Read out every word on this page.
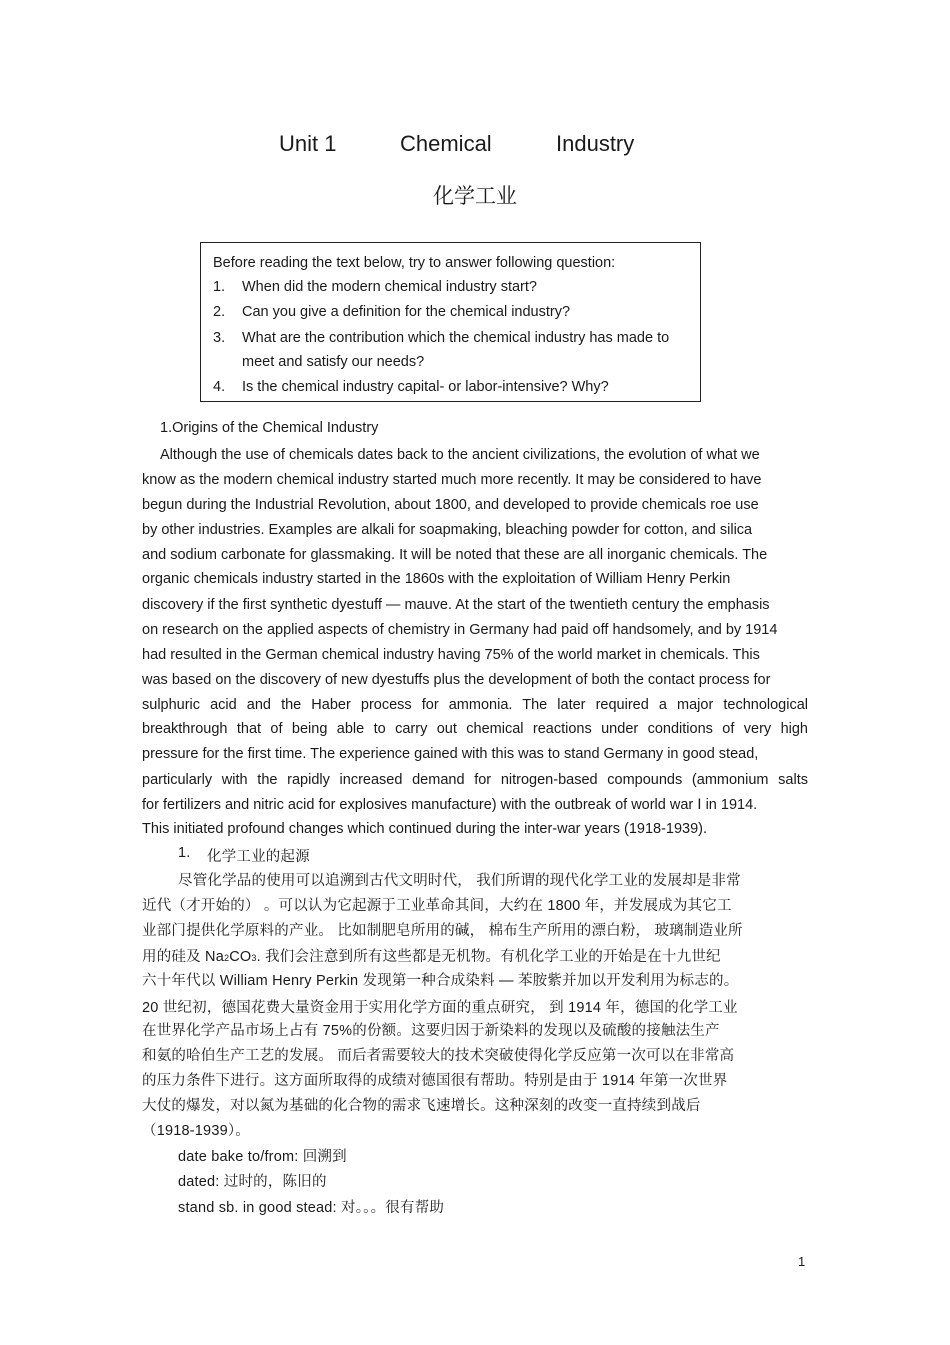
Unit 1	Chemical	Industry
化学工业
Before reading the text below, try to answer following question:
1. When did the modern chemical industry start?
2. Can you give a definition for the chemical industry?
3. What are the contribution which the chemical industry has made to
meet and satisfy our needs?
4. Is the chemical industry capital- or labor-intensive? Why?
1.Origins of the Chemical Industry
Although the use of chemicals dates back to the ancient civilizations, the evolution of what we
know as the modern chemical industry started much more recently. It may be considered to have
begun during the Industrial Revolution, about 1800, and developed to provide chemicals roe use
by other industries. Examples are alkali for soapmaking, bleaching powder for cotton, and silica
and sodium carbonate for glassmaking. It will be noted that these are all inorganic chemicals. The
organic chemicals industry started in the 1860s with the exploitation of William Henry Perkin
discovery if the first synthetic dyestuff — mauve. At the start of the twentieth century the emphasis
on research on the applied aspects of chemistry in Germany had paid off handsomely, and by 1914
had resulted in the German chemical industry having 75% of the world market in chemicals. This
was based on the discovery of new dyestuffs plus the development of both the contact process for
sulphuric acid and the Haber process for ammonia. The later required a major technological
breakthrough that of being able to carry out chemical reactions under conditions of very high
pressure for the first time. The experience gained with this was to stand Germany in good stead,
particularly with the rapidly increased demand for nitrogen-based compounds (ammonium salts
for fertilizers and nitric acid for explosives manufacture) with the outbreak of world war Ⅰ in 1914.
This initiated profound changes which continued during the inter-war years (1918-1939).
1. 化学工业的起源
尽管化学品的使用可以追溯到古代文明时代， 我们所谓的现代化学工业的发展却是非常
近代（才开始的） 。可以认为它起源于工业革命其间，大约在 1800 年，并发展成为其它工
业部门提供化学原料的产业。 比如制肥皂所用的碱， 棉布生产所用的漂白粉， 玻璃制造业所
用的硅及 Na2CO3. 我们会注意到所有这些都是无机物。有机化学工业的开始是在十九世纪
六十年代以 William Henry Perkin 发现第一种合成染料 — 苯胺紫并加以开发利用为标志的。
20 世纪初，德国花费大量资金用于实用化学方面的重点研究， 到 1914 年，德国的化学工业
在世界化学产品市场上占有 75%的份额。这要归因于新染料的发现以及硫酸的接触法生产
和氨的哈伯生产工艺的发展。 而后者需要较大的技术突破使得化学反应第一次可以在非常高
的压力条件下进行。这方面所取得的成绩对德国很有帮助。特别是由于 1914 年第一次世界
大仗的爆发，对以氮为基础的化合物的需求飞速增长。这种深刻的改变一直持续到战后
（1918-1939）。
date bake to/from: 回溯到
dated: 过时的，陈旧的
stand sb. in good stead: 对。。。很有帮助
1
